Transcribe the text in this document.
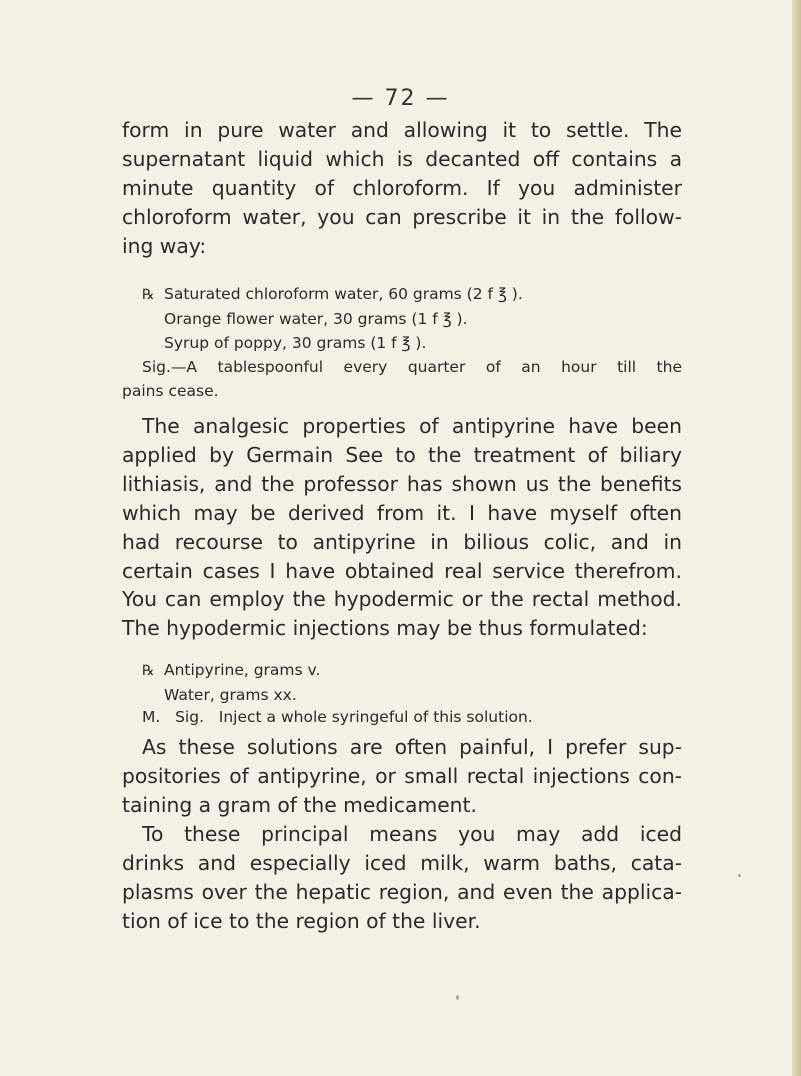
— 72 —

form in pure water and allowing it to settle. The

supernatant liquid which is decanted off contains a

minute quantity of chloroform. If you administer

chloroform water, you can prescribe it in the follow-

ing way:

℞ Saturated chloroform water, 60 grams (2 f ℥ ).

Orange flower water, 30 grams (1 f ℥ ).

Syrup of poppy, 30 grams (1 f ℥ ).

Sig.—A tablespoonful every quarter of an hour till the

pains cease.

The analgesic properties of antipyrine have been

applied by Germain See to the treatment of biliary

lithiasis, and the professor has shown us the benefits

which may be derived from it. I have myself often

had recourse to antipyrine in bilious colic, and in

certain cases I have obtained real service therefrom.

You can employ the hypodermic or the rectal method.

The hypodermic injections may be thus formulated:

℞ Antipyrine, grams v.

Water, grams xx.

M.   Sig.   Inject a whole syringeful of this solution.

As these solutions are often painful, I prefer sup-

positories of antipyrine, or small rectal injections con-

taining a gram of the medicament.

To these principal means you may add iced

drinks and especially iced milk, warm baths, cata-

plasms over the hepatic region, and even the applica-

tion of ice to the region of the liver.
